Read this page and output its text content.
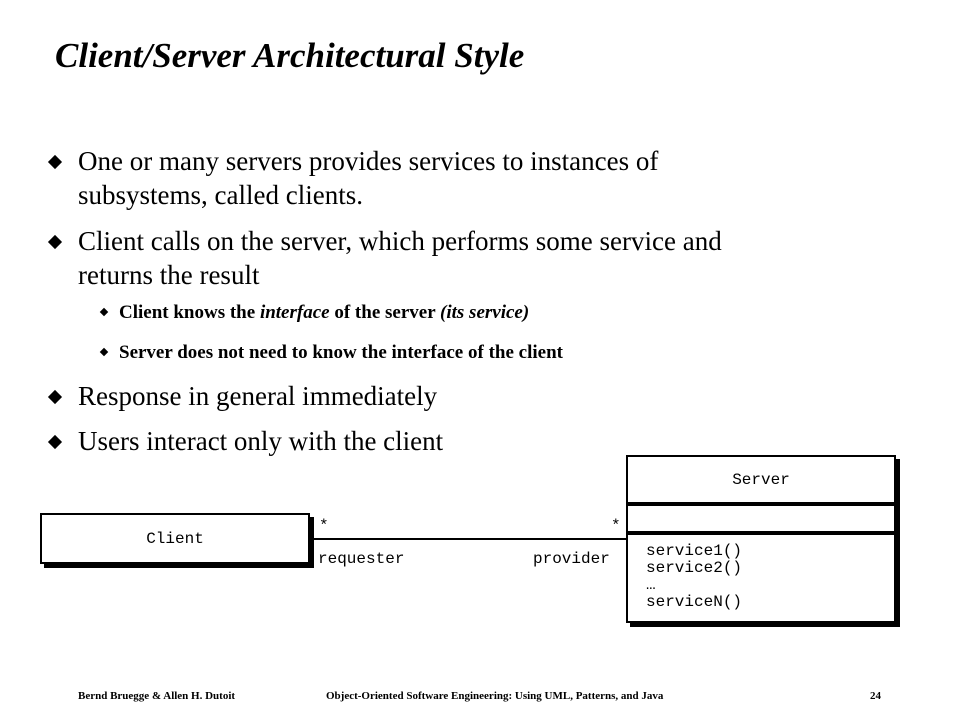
Client/Server Architectural Style
One or many servers provides services to instances of
subsystems, called clients.
Client calls on the server, which performs some service and
returns the result
Client knows the interface of the server (its service)
Server does not need to know the interface of the client
Response in general immediately
Users interact only with the client
Client
*	*
requester	provider
Server
service1()
service2()
…
serviceN()
Bernd Bruegge & Allen H. Dutoit	Object-Oriented Software Engineering: Using UML, Patterns, and Java	24
